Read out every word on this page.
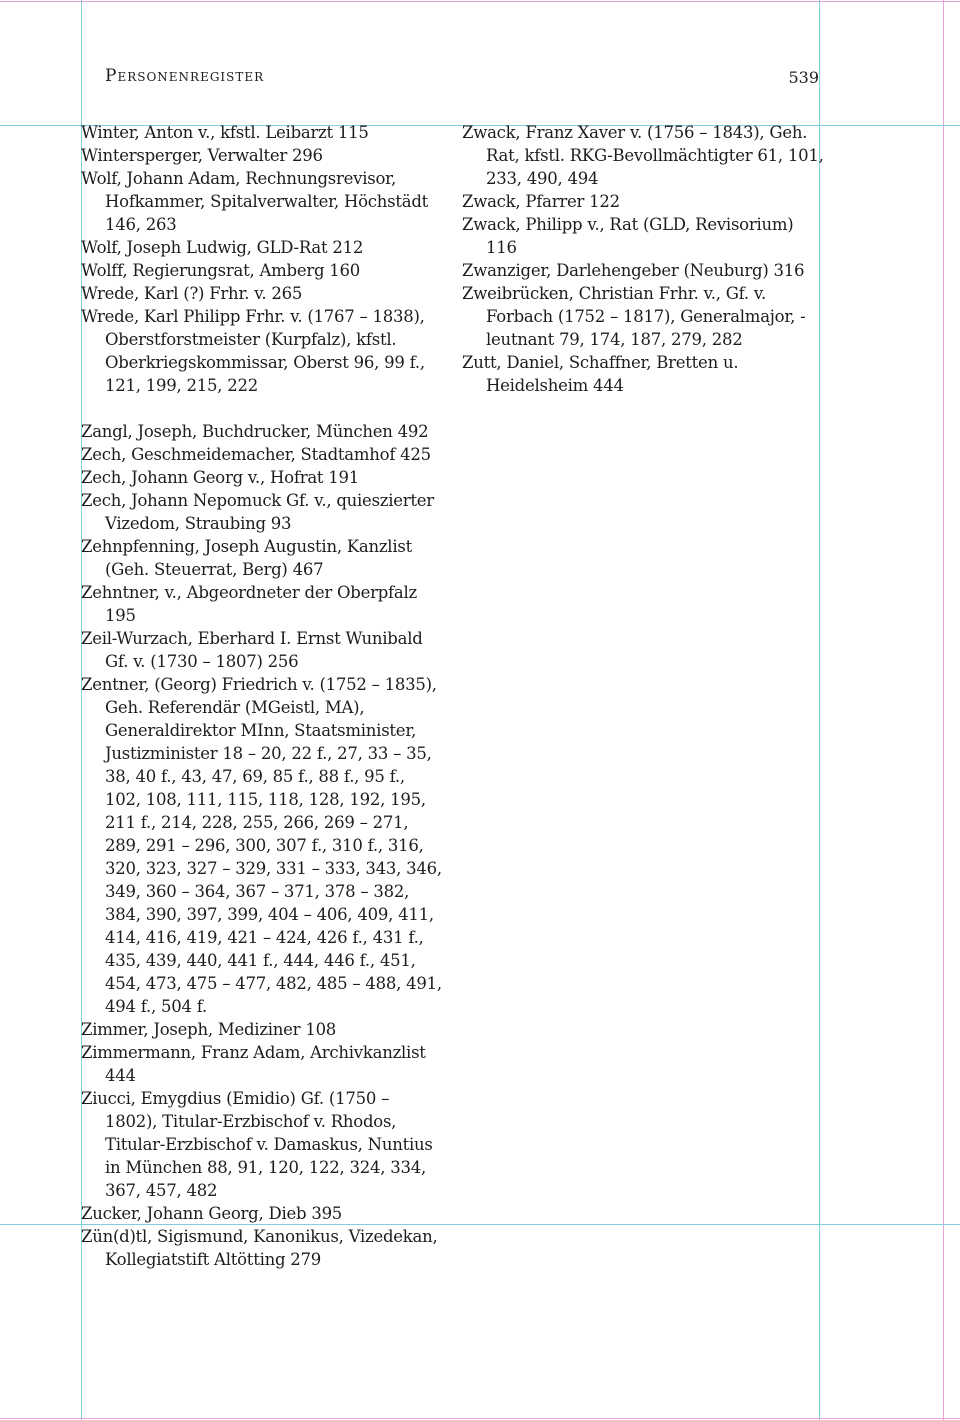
Personenregister	539

Winter, Anton v., kfstl. Leibarzt 115

Wintersperger, Verwalter 296

Wolf, Johann Adam, Rechnungsrevisor, Hofkammer, Spitalverwalter, Höchstädt 146, 263

Wolf, Joseph Ludwig, GLD-Rat 212

Wolff, Regierungsrat, Amberg 160

Wrede, Karl (?) Frhr. v. 265

Wrede, Karl Philipp Frhr. v. (1767 – 1838), Oberstforstmeister (Kurpfalz), kfstl. Oberkriegskommissar, Oberst 96, 99 f., 121, 199, 215, 222

Zangl, Joseph, Buchdrucker, München 492

Zech, Geschmeidemacher, Stadtamhof 425

Zech, Johann Georg v., Hofrat 191

Zech, Johann Nepomuck Gf. v., quieszierter Vizedom, Straubing 93

Zehnpfenning, Joseph Augustin, Kanzlist (Geh. Steuerrat, Berg) 467

Zehntner, v., Abgeordneter der Oberpfalz 195

Zeil-Wurzach, Eberhard I. Ernst Wunibald Gf. v. (1730 – 1807) 256

Zentner, (Georg) Friedrich v. (1752 – 1835), Geh. Referendär (MGeistl, MA), Generaldirektor MInn, Staatsminister, Justizminister 18 – 20, 22 f., 27, 33 – 35, 38, 40 f., 43, 47, 69, 85 f., 88 f., 95 f., 102, 108, 111, 115, 118, 128, 192, 195, 211 f., 214, 228, 255, 266, 269 – 271, 289, 291 – 296, 300, 307 f., 310 f., 316, 320, 323, 327 – 329, 331 – 333, 343, 346, 349, 360 – 364, 367 – 371, 378 – 382, 384, 390, 397, 399, 404 – 406, 409, 411, 414, 416, 419, 421 – 424, 426 f., 431 f., 435, 439, 440, 441 f., 444, 446 f., 451, 454, 473, 475 – 477, 482, 485 – 488, 491, 494 f., 504 f.

Zimmer, Joseph, Mediziner 108

Zimmermann, Franz Adam, Archivkanzlist 444

Ziucci, Emygdius (Emidio) Gf. (1750 – 1802), Titular-Erzbischof v. Rhodos, Titular-Erzbischof v. Damaskus, Nuntius in München 88, 91, 120, 122, 324, 334, 367, 457, 482

Zucker, Johann Georg, Dieb 395

Zün(d)tl, Sigismund, Kanonikus, Vizedekan, Kollegiatstift Altötting 279

Zwack, Franz Xaver v. (1756 – 1843), Geh. Rat, kfstl. RKG-Bevollmächtigter 61, 101, 233, 490, 494

Zwack, Pfarrer 122

Zwack, Philipp v., Rat (GLD, Revisorium) 116

Zwanziger, Darlehengeber (Neuburg) 316

Zweibrücken, Christian Frhr. v., Gf. v. Forbach (1752 – 1817), Generalmajor, -leutnant 79, 174, 187, 279, 282

Zutt, Daniel, Schaffner, Bretten u. Heidelsheim 444
